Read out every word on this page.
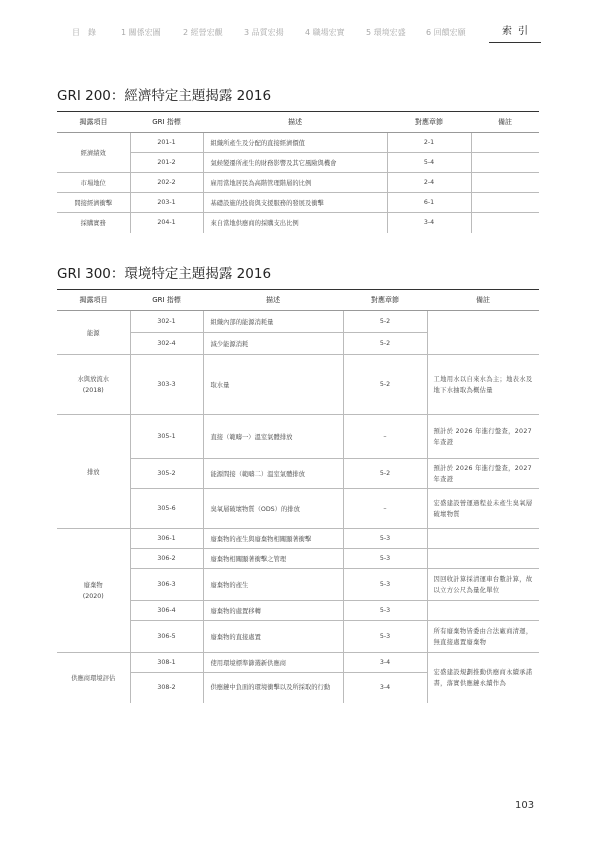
目　錄	1 關係宏圖	2 經營宏觀	3 品質宏揚	4 職場宏實	5 環境宏盛	6 回饋宏願	索引
GRI 200：經濟特定主題揭露 2016
揭露項目	GRI 指標	描述	對應章節	備註
經濟績效	201-1	組織所產生及分配的直接經濟價值	2-1	
	201-2	氣候變遷所產生的財務影響及其它風險與機會	5-4	
市場地位	202-2	雇用當地居民為高階管理階層的比例	2-4	
間接經濟衝擊	203-1	基礎設施的投資與支援服務的發展及衝擊	6-1	
採購實務	204-1	來自當地供應商的採購支出比例	3-4	
GRI 300：環境特定主題揭露 2016
揭露項目	GRI 指標	描述	對應章節	備註
能源	302-1	組織內部的能源消耗量	5-2	
	302-4	減少能源消耗	5-2	
水與放流水
(2018)	303-3	取水量	5-2	工地用水以自來水為主；地表水及地下水抽取為概估量
排放	305-1	直接（範疇一）溫室氣體排放	–	預計於 2026 年進行盤查，2027 年查證
	305-2	能源間接（範疇二）溫室氣體排放	5-2	預計於 2026 年進行盤查，2027 年查證
	305-6	臭氧層破壞物質（ODS）的排放	–	宏盛建設營運過程並未產生臭氧層破壞物質
廢棄物
(2020)	306-1	廢棄物的產生與廢棄物相關顯著衝擊	5-3	
	306-2	廢棄物相關顯著衝擊之管理	5-3	
	306-3	廢棄物的產生	5-3	因回收計算採清運車台數計算，故以立方公尺為量化單位
	306-4	廢棄物的處置移轉	5-3	
	306-5	廢棄物的直接處置	5-3	所有廢棄物皆委由合法廠商清運，無直接處置廢棄物
供應商環境評估	308-1	使用環境標準篩選新供應商	3-4	宏盛建設規劃推動供應商永續承諾書，落實供應鏈永續作為
	308-2	供應鏈中負面的環境衝擊以及所採取的行動	3-4	
103
